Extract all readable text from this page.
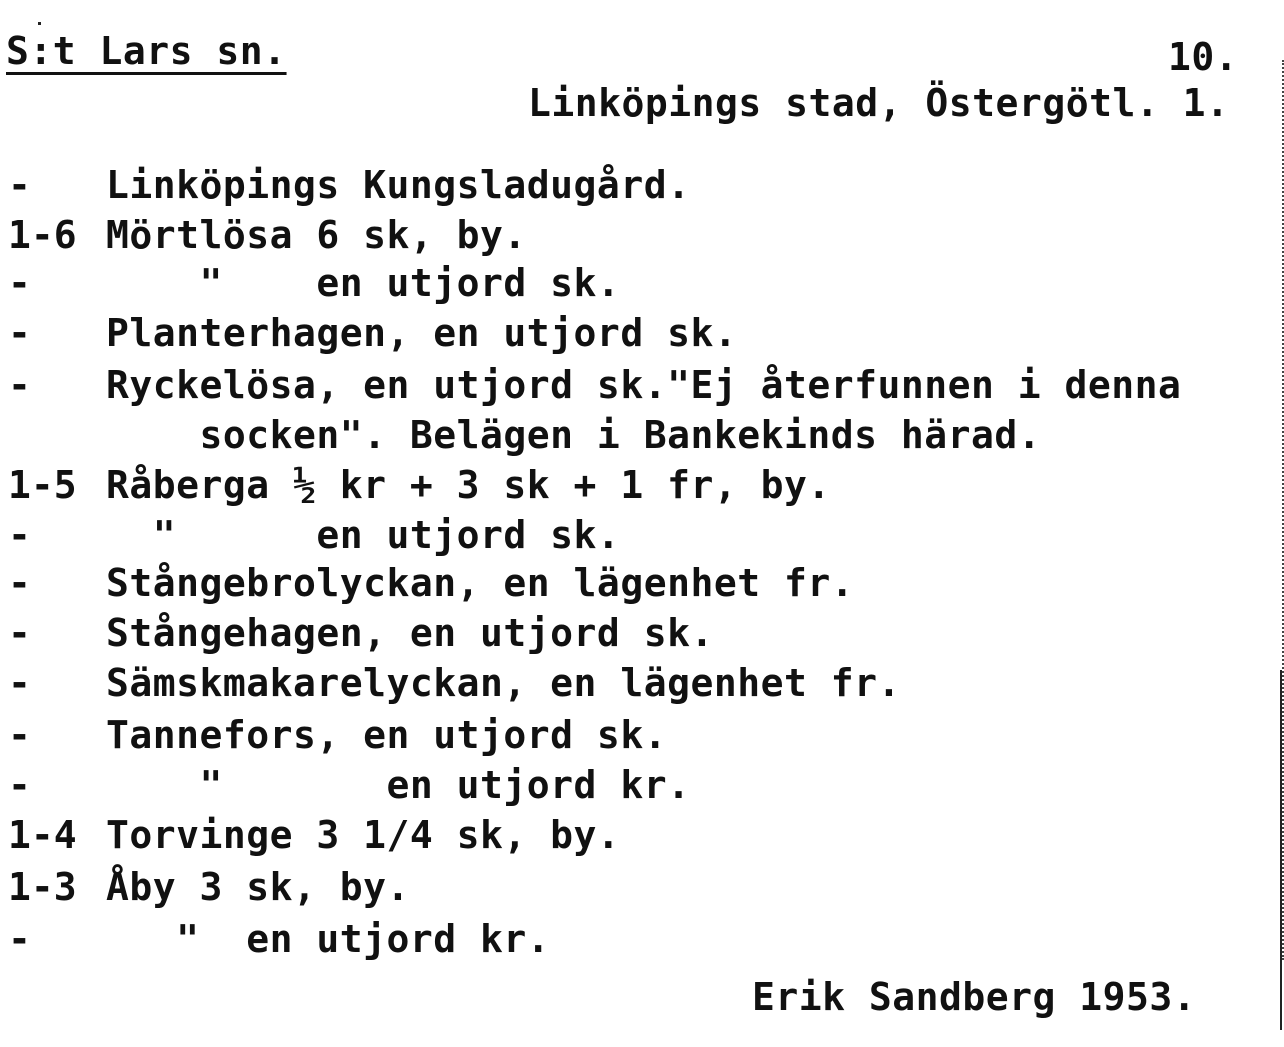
S:t Lars sn.	10.
Linköpings stad, Östergötl. 1.
-	Linköpings Kungsladugård.
1-6 Mörtlösa 6 sk, by.
-	"    en utjord sk.
-	Planterhagen, en utjord sk.
-	Ryckelösa, en utjord sk."Ej återfunnen i denna
socken". Belägen i Bankekinds härad.
1-5 Råberga ½ kr + 3 sk + 1 fr, by.
-	"      en utjord sk.
-	Stångebrolyckan, en lägenhet fr.
-	Stångehagen, en utjord sk.
-	Sämskmakarelyckan, en lägenhet fr.
-	Tannefors, en utjord sk.
-	"       en utjord kr.
1-4 Torvinge 3 1/4 sk, by.
1-3 Åby 3 sk, by.
-	"  en utjord kr.
Erik Sandberg 1953.
